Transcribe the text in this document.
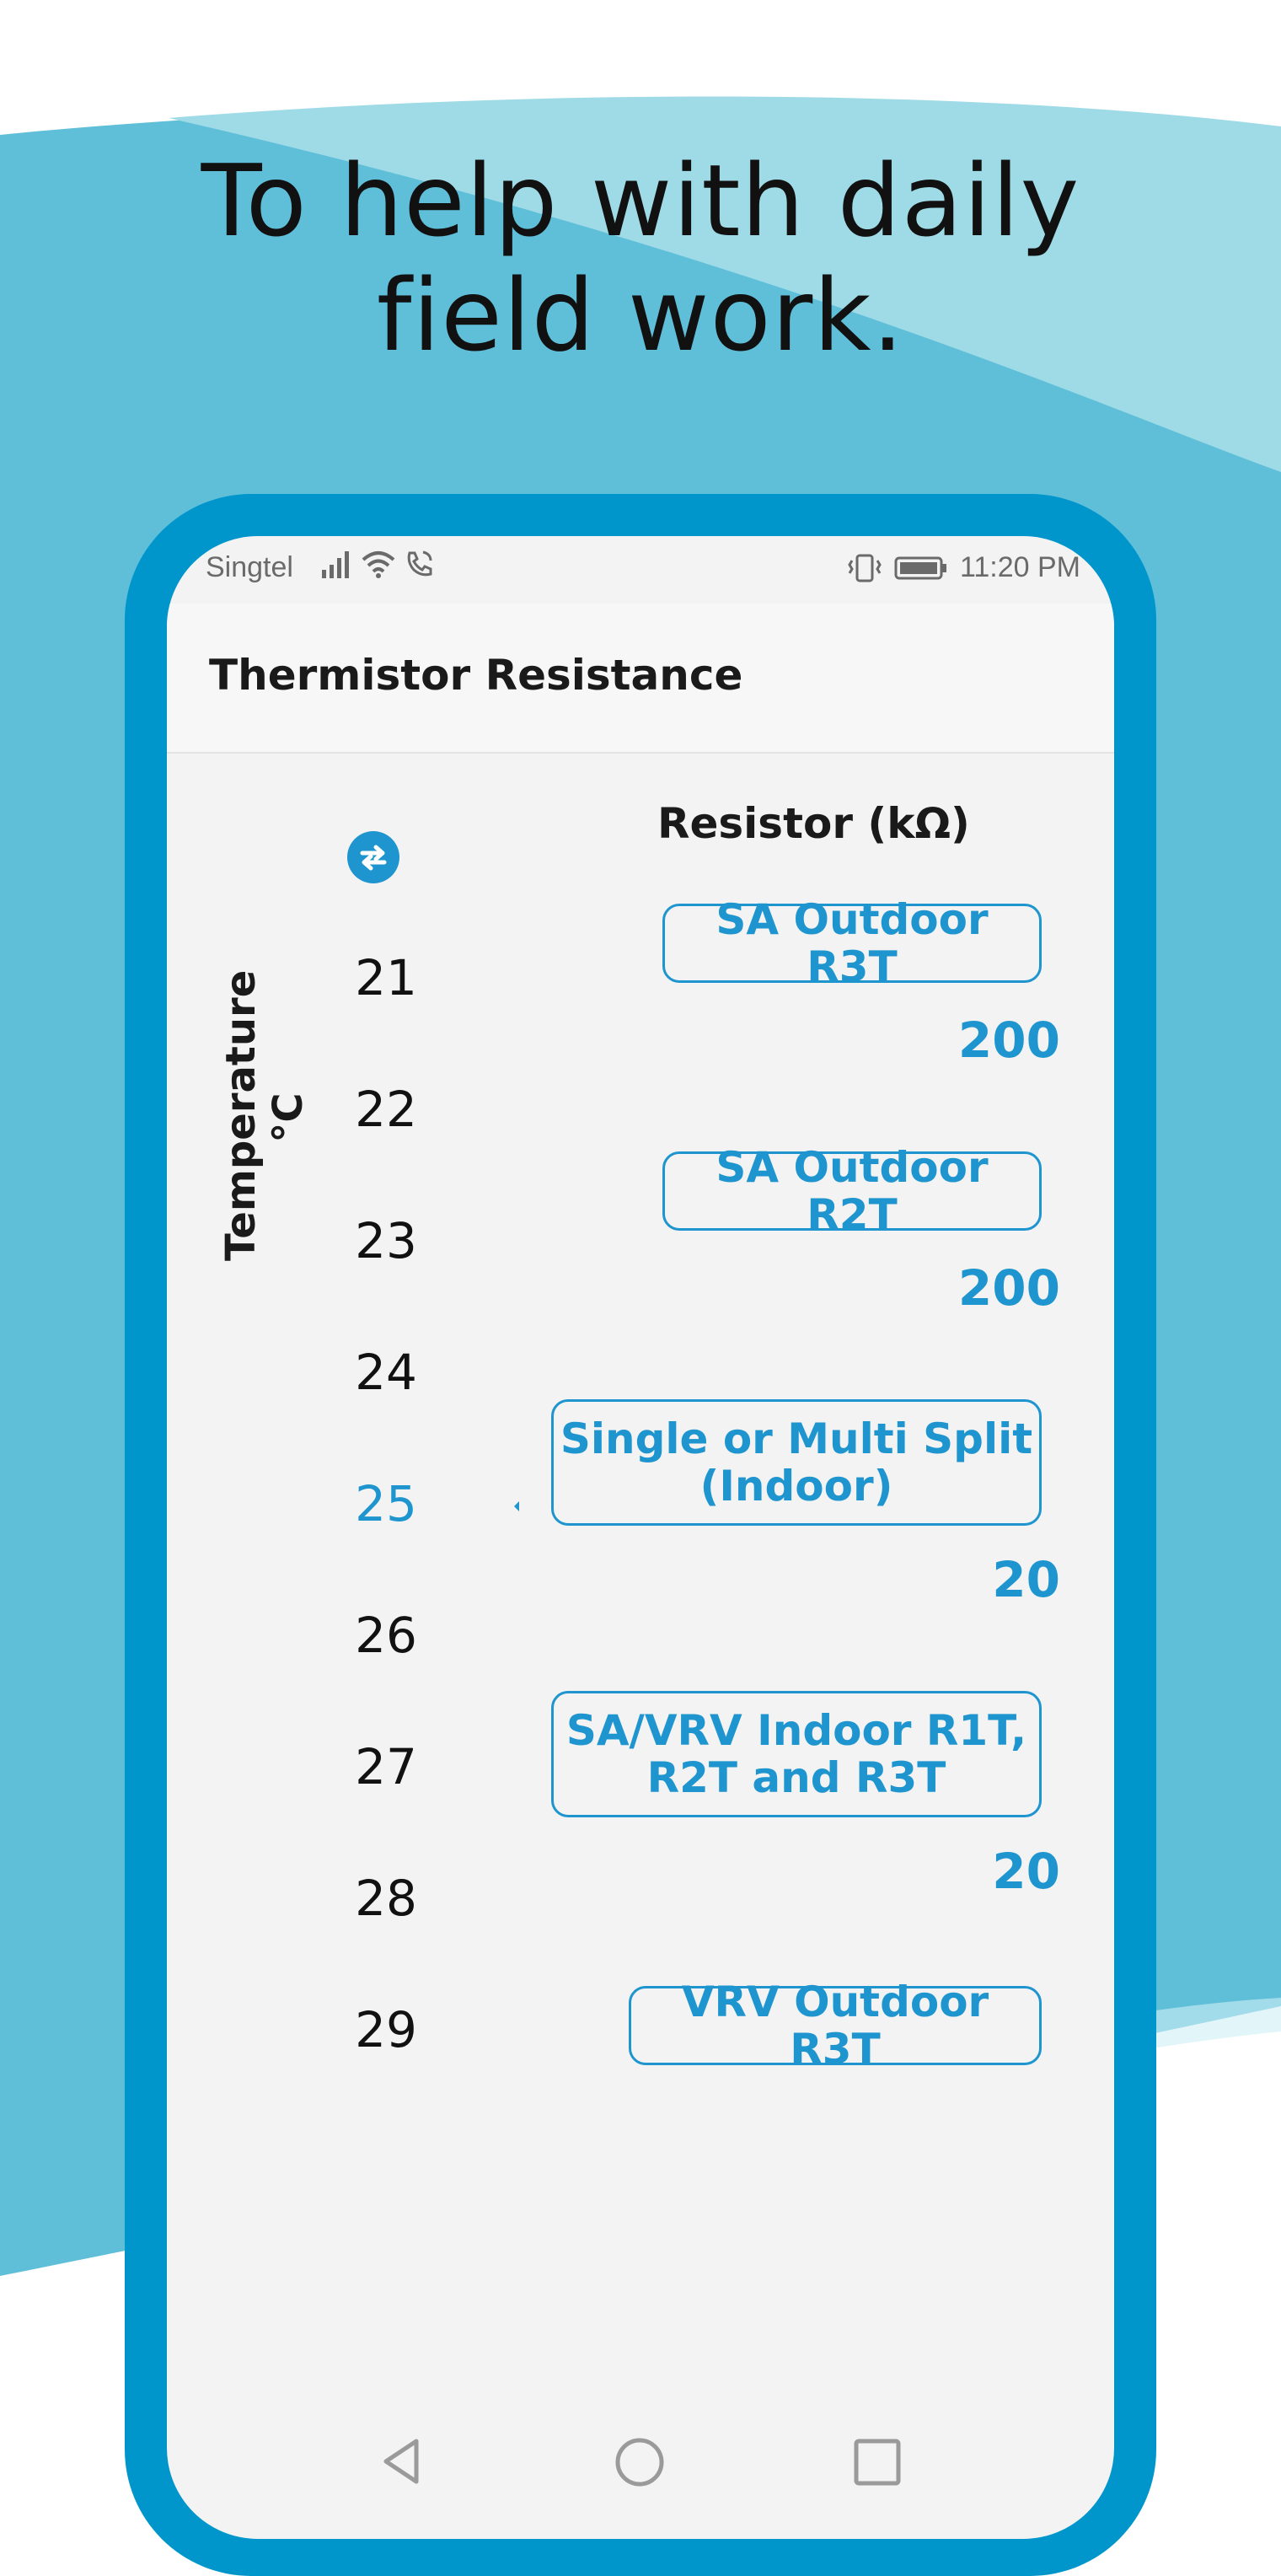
To help with daily
field work.
Singtel	11:20 PM
Thermistor Resistance
Resistor (kΩ)
Temperature °C
21
22
23
24
25
26
27
28
29
SA Outdoor R3T
200
SA Outdoor R2T
200
Single or Multi Split
(Indoor)
20
SA/VRV Indoor R1T,
R2T and R3T
20
VRV Outdoor R3T
